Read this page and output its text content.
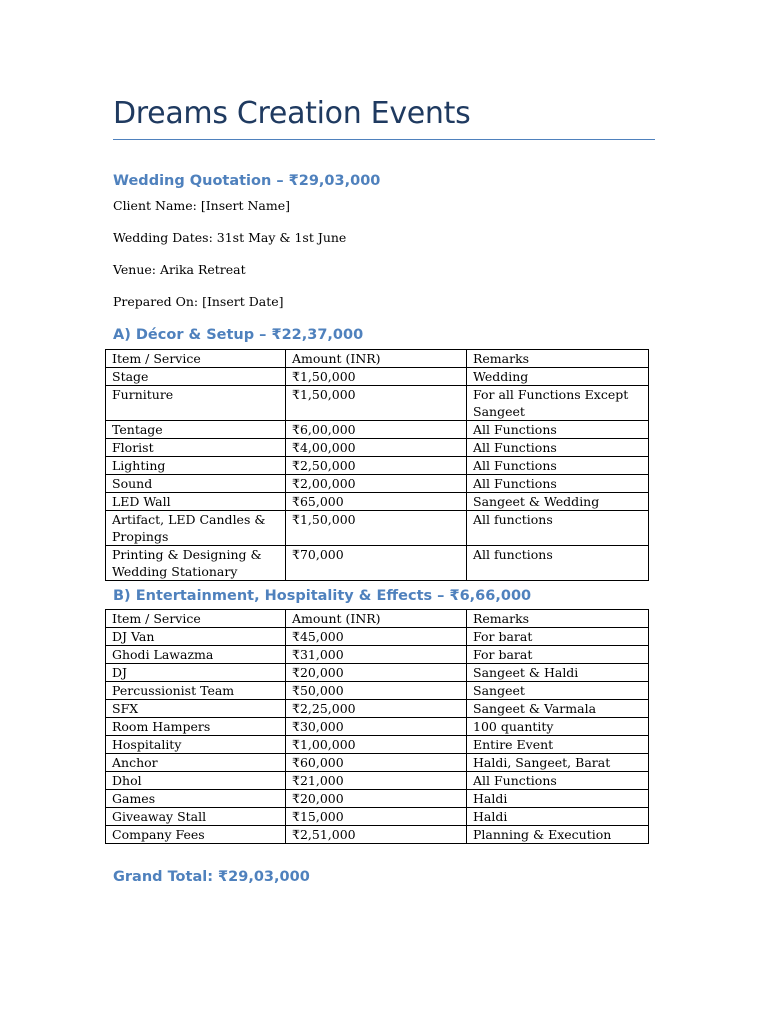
Dreams Creation Events
Wedding Quotation – ₹29,03,000
Client Name: [Insert Name]
Wedding Dates: 31st May & 1st June
Venue: Arika Retreat
Prepared On: [Insert Date]
A) Décor & Setup – ₹22,37,000
Item / Service	Amount (INR)	Remarks
Stage	₹1,50,000	Wedding
Furniture	₹1,50,000	For all Functions Except Sangeet
Tentage	₹6,00,000	All Functions
Florist	₹4,00,000	All Functions
Lighting	₹2,50,000	All Functions
Sound	₹2,00,000	All Functions
LED Wall	₹65,000	Sangeet & Wedding
Artifact, LED Candles & Propings	₹1,50,000	All functions
Printing & Designing & Wedding Stationary	₹70,000	All functions
B) Entertainment, Hospitality & Effects – ₹6,66,000
Item / Service	Amount (INR)	Remarks
DJ Van	₹45,000	For barat
Ghodi Lawazma	₹31,000	For barat
DJ	₹20,000	Sangeet & Haldi
Percussionist Team	₹50,000	Sangeet
SFX	₹2,25,000	Sangeet & Varmala
Room Hampers	₹30,000	100 quantity
Hospitality	₹1,00,000	Entire Event
Anchor	₹60,000	Haldi, Sangeet, Barat
Dhol	₹21,000	All Functions
Games	₹20,000	Haldi
Giveaway Stall	₹15,000	Haldi
Company Fees	₹2,51,000	Planning & Execution
Grand Total: ₹29,03,000
